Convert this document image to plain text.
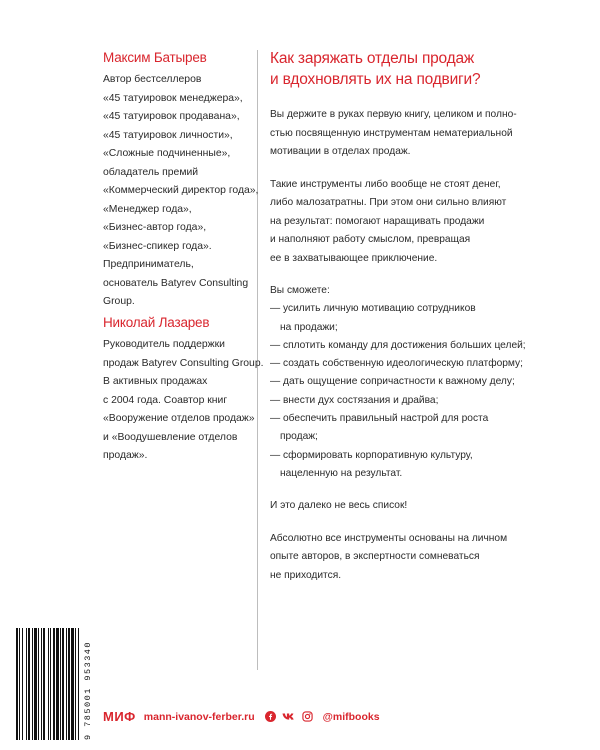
Максим Батырев
Автор бестселлеров
«45 татуировок менеджера»,
«45 татуировок продавана»,
«45 татуировок личности»,
«Сложные подчиненные»,
обладатель премий
«Коммерческий директор года»,
«Менеджер года»,
«Бизнес-автор года»,
«Бизнес-спикер года».
Предприниматель,
основатель Batyrev Consulting
Group.
Николай Лазарев
Руководитель поддержки
продаж Batyrev Consulting Group.
В активных продажах
с 2004 года. Соавтор книг
«Вооружение отделов продаж»
и «Воодушевление отделов
продаж».
Как заряжать отделы продаж
и вдохновлять их на подвиги?

Вы держите в руках первую книгу, целиком и полно-
стью посвященную инструментам нематериальной
мотивации в отделах продаж.

Такие инструменты либо вообще не стоят денег,
либо малозатратны. При этом они сильно влияют
на результат: помогают наращивать продажи
и наполняют работу смыслом, превращая
ее в захватывающее приключение.

Вы сможете:
— усилить личную мотивацию сотрудников
на продажи;
— сплотить команду для достижения больших целей;
— создать собственную идеологическую платформу;
— дать ощущение сопричастности к важному делу;
— внести дух состязания и драйва;
— обеспечить правильный настрой для роста
продаж;
— сформировать корпоративную культуру,
нацеленную на результат.

И это далеко не весь список!

Абсолютно все инструменты основаны на личном
опыте авторов, в экспертности сомневаться
не приходится.

9 785001 953340 МИФ mann-ivanov-ferber.ru	@mifbooks
